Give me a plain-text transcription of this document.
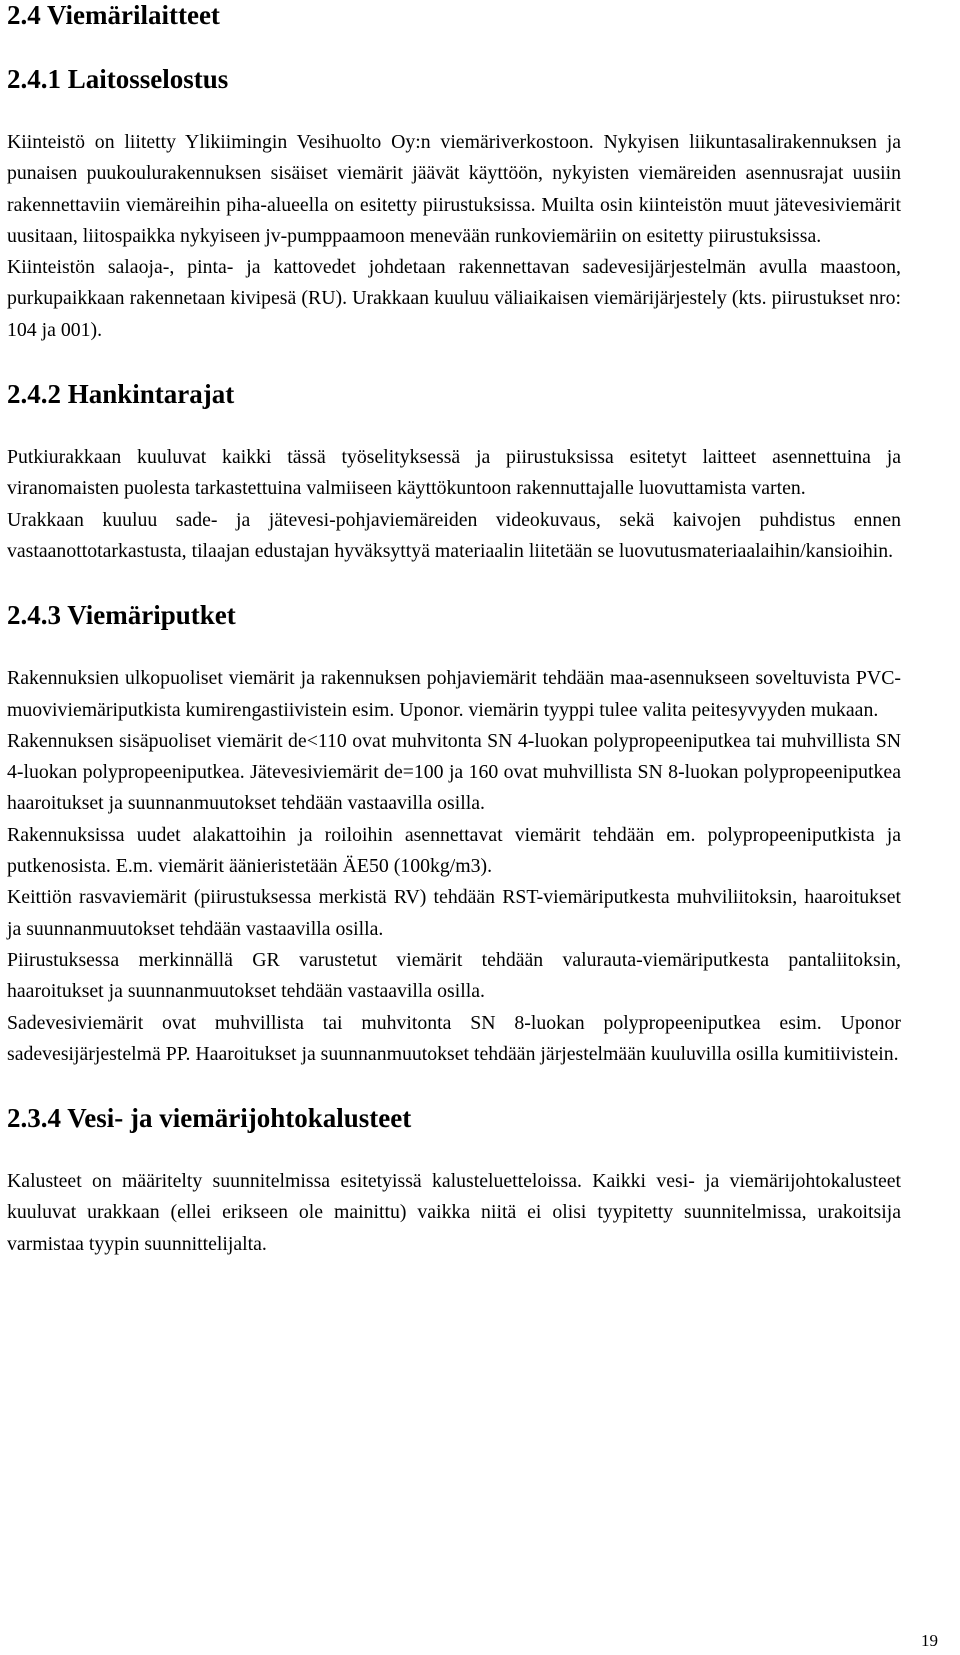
2.4 Viemärilaitteet
2.4.1 Laitosselostus

Kiinteistö on liitetty Ylikiimingin Vesihuolto Oy:n viemäriverkostoon. Nykyisen liikuntasalirakennuksen ja punaisen puukoulurakennuksen sisäiset viemärit jäävät käyttöön, nykyisten viemäreiden asennusrajat uusiin rakennettaviin viemäreihin piha-alueella on esitetty piirustuksissa. Muilta osin kiinteistön muut jätevesiviemärit uusitaan, liitospaikka nykyiseen jv-pumppaamoon menevään runkoviemäriin on esitetty piirustuksissa.

Kiinteistön salaoja-, pinta- ja kattovedet johdetaan rakennettavan sadevesijärjestelmän avulla maastoon, purkupaikkaan rakennetaan kivipesä (RU). Urakkaan kuuluu väliaikaisen viemärijärjestely (kts. piirustukset nro: 104 ja 001).

2.4.2 Hankintarajat

Putkiurakkaan kuuluvat kaikki tässä työselityksessä ja piirustuksissa esitetyt laitteet asennettuina ja viranomaisten puolesta tarkastettuina valmiiseen käyttökuntoon rakennuttajalle luovuttamista varten.

Urakkaan kuuluu sade- ja jätevesi-pohjaviemäreiden videokuvaus, sekä kaivojen puhdistus ennen vastaanottotarkastusta, tilaajan edustajan hyväksyttyä materiaalin liitetään se luovutusmateriaalaihin/kansioihin.

2.4.3 Viemäriputket

Rakennuksien ulkopuoliset viemärit ja rakennuksen pohjaviemärit tehdään maa-asennukseen soveltuvista PVC-muoviviemäriputkista kumirengastiivistein esim. Uponor. viemärin tyyppi tulee valita peitesyvyyden mukaan.

Rakennuksen sisäpuoliset viemärit de<110 ovat muhvitonta SN 4-luokan polypropeeniputkea tai muhvillista SN 4-luokan polypropeeniputkea. Jätevesiviemärit de=100 ja 160 ovat muhvillista SN 8-luokan polypropeeniputkea haaroitukset ja suunnanmuutokset tehdään vastaavilla osilla.

Rakennuksissa uudet alakattoihin ja roiloihin asennettavat viemärit tehdään em. polypropeeniputkista ja putkenosista. E.m. viemärit äänieristetään ÄE50 (100kg/m3).

Keittiön rasvaviemärit (piirustuksessa merkistä RV) tehdään RST-viemäriputkesta muhviliitoksin, haaroitukset ja suunnanmuutokset tehdään vastaavilla osilla.

Piirustuksessa merkinnällä GR varustetut viemärit tehdään valurauta-viemäriputkesta pantaliitoksin, haaroitukset ja suunnanmuutokset tehdään vastaavilla osilla.

Sadevesiviemärit ovat muhvillista tai muhvitonta SN 8-luokan polypropeeniputkea esim. Uponor sadevesijärjestelmä PP. Haaroitukset ja suunnanmuutokset tehdään järjestelmään kuuluvilla osilla kumitiivistein.

2.3.4 Vesi- ja viemärijohtokalusteet

Kalusteet on määritelty suunnitelmissa esitetyissä kalusteluetteloissa. Kaikki vesi- ja viemärijohtokalusteet kuuluvat urakkaan (ellei erikseen ole mainittu) vaikka niitä ei olisi tyypitetty suunnitelmissa, urakoitsija varmistaa tyypin suunnittelijalta.

19
